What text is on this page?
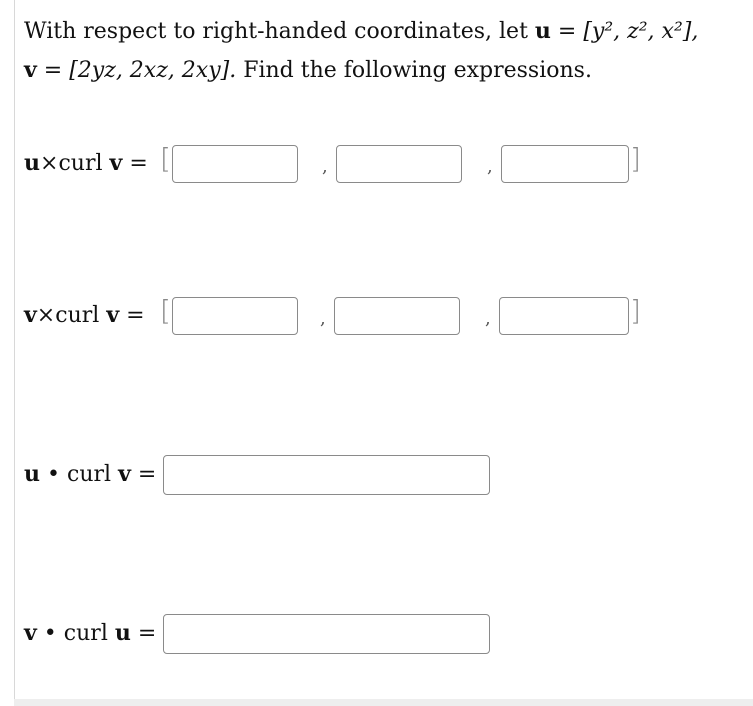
With respect to right-handed coordinates, let u = [y², z², x²],
v = [2yz, 2xz, 2xy]. Find the following expressions.
u×curl v = [	,	,	]
v×curl v = [	,	,	]
u • curl v =
v • curl u =
